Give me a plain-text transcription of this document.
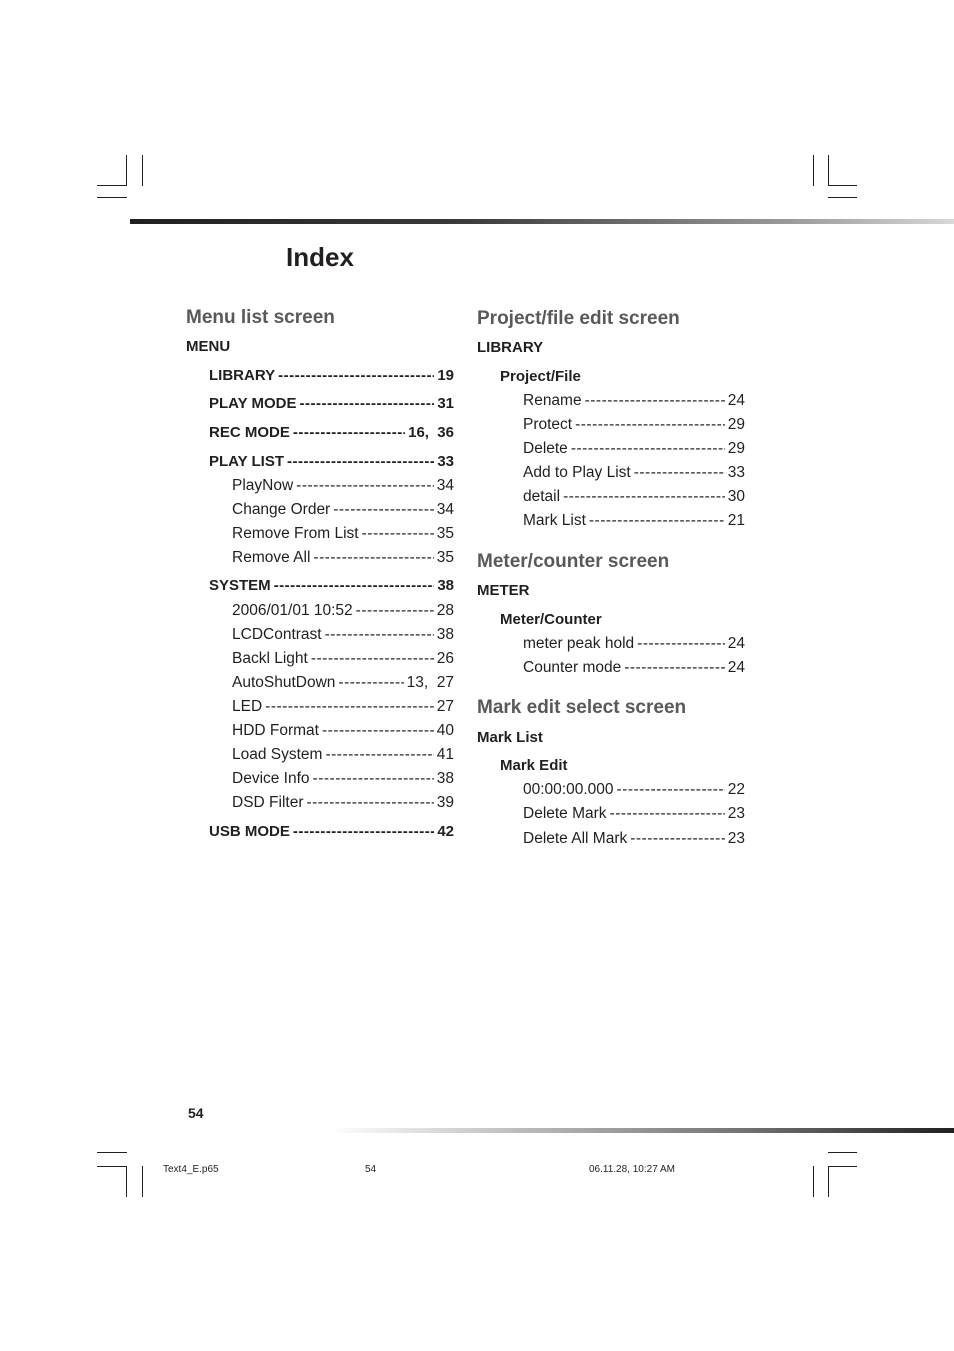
Index
Menu list screen
MENU
LIBRARY -----	19
PLAY MODE -----	31
REC MODE -----	16,  36
PLAY LIST -----	33
PlayNow -----	34
Change Order -----	34
Remove From List -----	35
Remove All -----	35
SYSTEM -----	38
2006/01/01 10:52 -----	28
LCDContrast -----	38
Backl Light -----	26
AutoShutDown -----	13,  27
LED -----	27
HDD Format -----	40
Load System -----	41
Device Info -----	38
DSD Filter -----	39
USB MODE -----	42
Project/file edit screen
LIBRARY
Project/File
Rename -----	24
Protect -----	29
Delete -----	29
Add to Play List -----	33
detail -----	30
Mark List -----	21
Meter/counter screen
METER
Meter/Counter
meter peak hold -----	24
Counter mode -----	24
Mark edit select screen
Mark List
Mark Edit
00:00:00.000 -----	22
Delete Mark -----	23
Delete All Mark -----	23
54
Text4_E.p65	54	06.11.28, 10:27 AM
